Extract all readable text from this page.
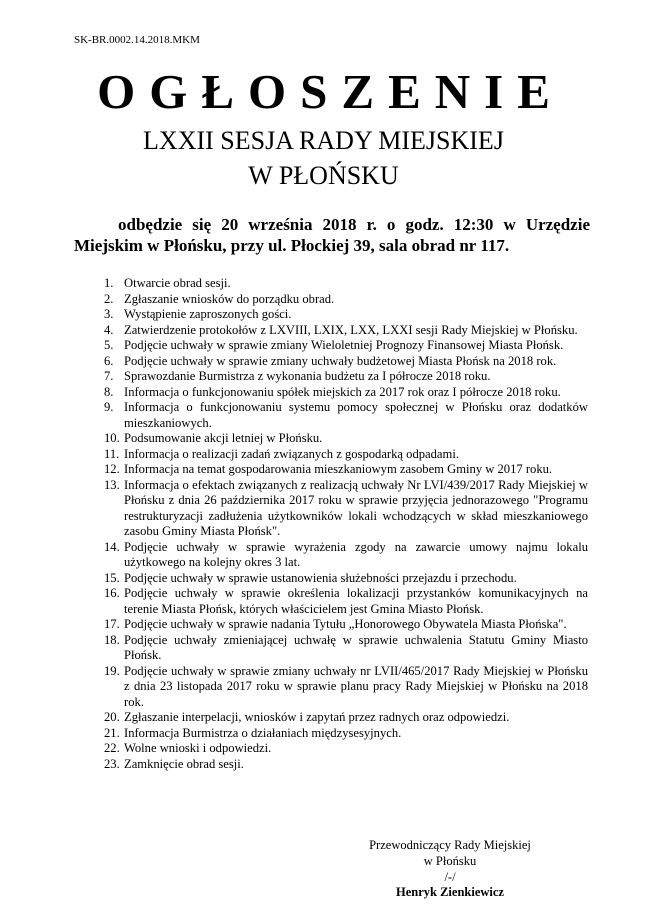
SK-BR.0002.14.2018.MKM
OGŁOSZENIE
LXXII SESJA RADY MIEJSKIEJ
W PŁOŃSKU
odbędzie się 20 września 2018 r. o godz. 12:30 w Urzędzie Miejskim w Płońsku, przy ul. Płockiej 39, sala obrad nr 117.
1. Otwarcie obrad sesji.
2. Zgłaszanie wniosków do porządku obrad.
3. Wystąpienie zaproszonych gości.
4. Zatwierdzenie protokołów z LXVIII, LXIX, LXX, LXXI sesji Rady Miejskiej w Płońsku.
5. Podjęcie uchwały w sprawie zmiany Wieloletniej Prognozy Finansowej Miasta Płońsk.
6. Podjęcie uchwały w sprawie zmiany uchwały budżetowej Miasta Płońsk na 2018 rok.
7. Sprawozdanie Burmistrza z wykonania budżetu za I półrocze 2018 roku.
8. Informacja o funkcjonowaniu spółek miejskich za 2017 rok oraz I półrocze 2018 roku.
9. Informacja o funkcjonowaniu systemu pomocy społecznej w Płońsku oraz dodatków mieszkaniowych.
10. Podsumowanie akcji letniej w Płońsku.
11. Informacja o realizacji zadań związanych z gospodarką odpadami.
12. Informacja na temat gospodarowania mieszkaniowym zasobem Gminy w 2017 roku.
13. Informacja o efektach związanych z realizacją uchwały Nr LVI/439/2017 Rady Miejskiej w Płońsku z dnia 26 października 2017 roku w sprawie przyjęcia jednorazowego "Programu restrukturyzacji zadłużenia użytkowników lokali wchodzących w skład mieszkaniowego zasobu Gminy Miasta Płońsk".
14. Podjęcie uchwały w sprawie wyrażenia zgody na zawarcie umowy najmu lokalu użytkowego na kolejny okres 3 lat.
15. Podjęcie uchwały w sprawie ustanowienia służebności przejazdu i przechodu.
16. Podjęcie uchwały w sprawie określenia lokalizacji przystanków komunikacyjnych na terenie Miasta Płońsk, których właścicielem jest Gmina Miasto Płońsk.
17. Podjęcie uchwały w sprawie nadania Tytułu „Honorowego Obywatela Miasta Płońska".
18. Podjęcie uchwały zmieniającej uchwałę w sprawie uchwalenia Statutu Gminy Miasto Płońsk.
19. Podjęcie uchwały w sprawie zmiany uchwały nr LVII/465/2017 Rady Miejskiej w Płońsku z dnia 23 listopada 2017 roku w sprawie planu pracy Rady Miejskiej w Płońsku na 2018 rok.
20. Zgłaszanie interpelacji, wniosków i zapytań przez radnych oraz odpowiedzi.
21. Informacja Burmistrza o działaniach międzysesyjnych.
22. Wolne wnioski i odpowiedzi.
23. Zamknięcie obrad sesji.
Przewodniczący Rady Miejskiej
w Płońsku
/-/
Henryk Zienkiewicz
